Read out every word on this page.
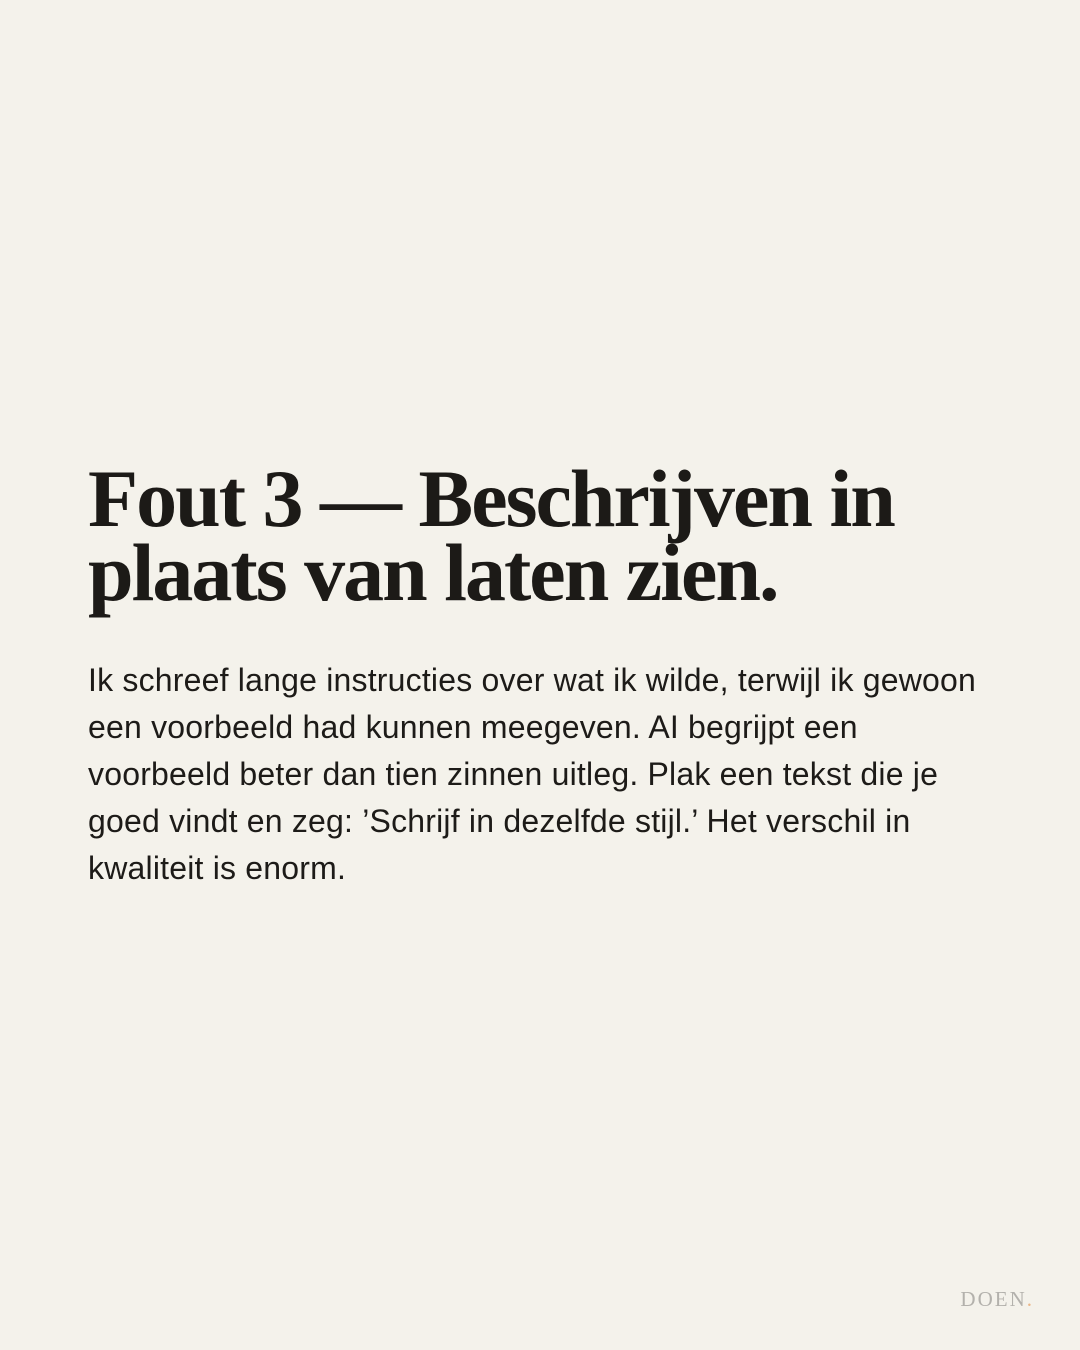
Fout 3 — Beschrijven in
plaats van laten zien.

Ik schreef lange instructies over wat ik wilde, terwijl ik gewoon
een voorbeeld had kunnen meegeven. AI begrijpt een
voorbeeld beter dan tien zinnen uitleg. Plak een tekst die je
goed vindt en zeg: ’Schrijf in dezelfde stijl.’ Het verschil in
kwaliteit is enorm.

DOEN.
